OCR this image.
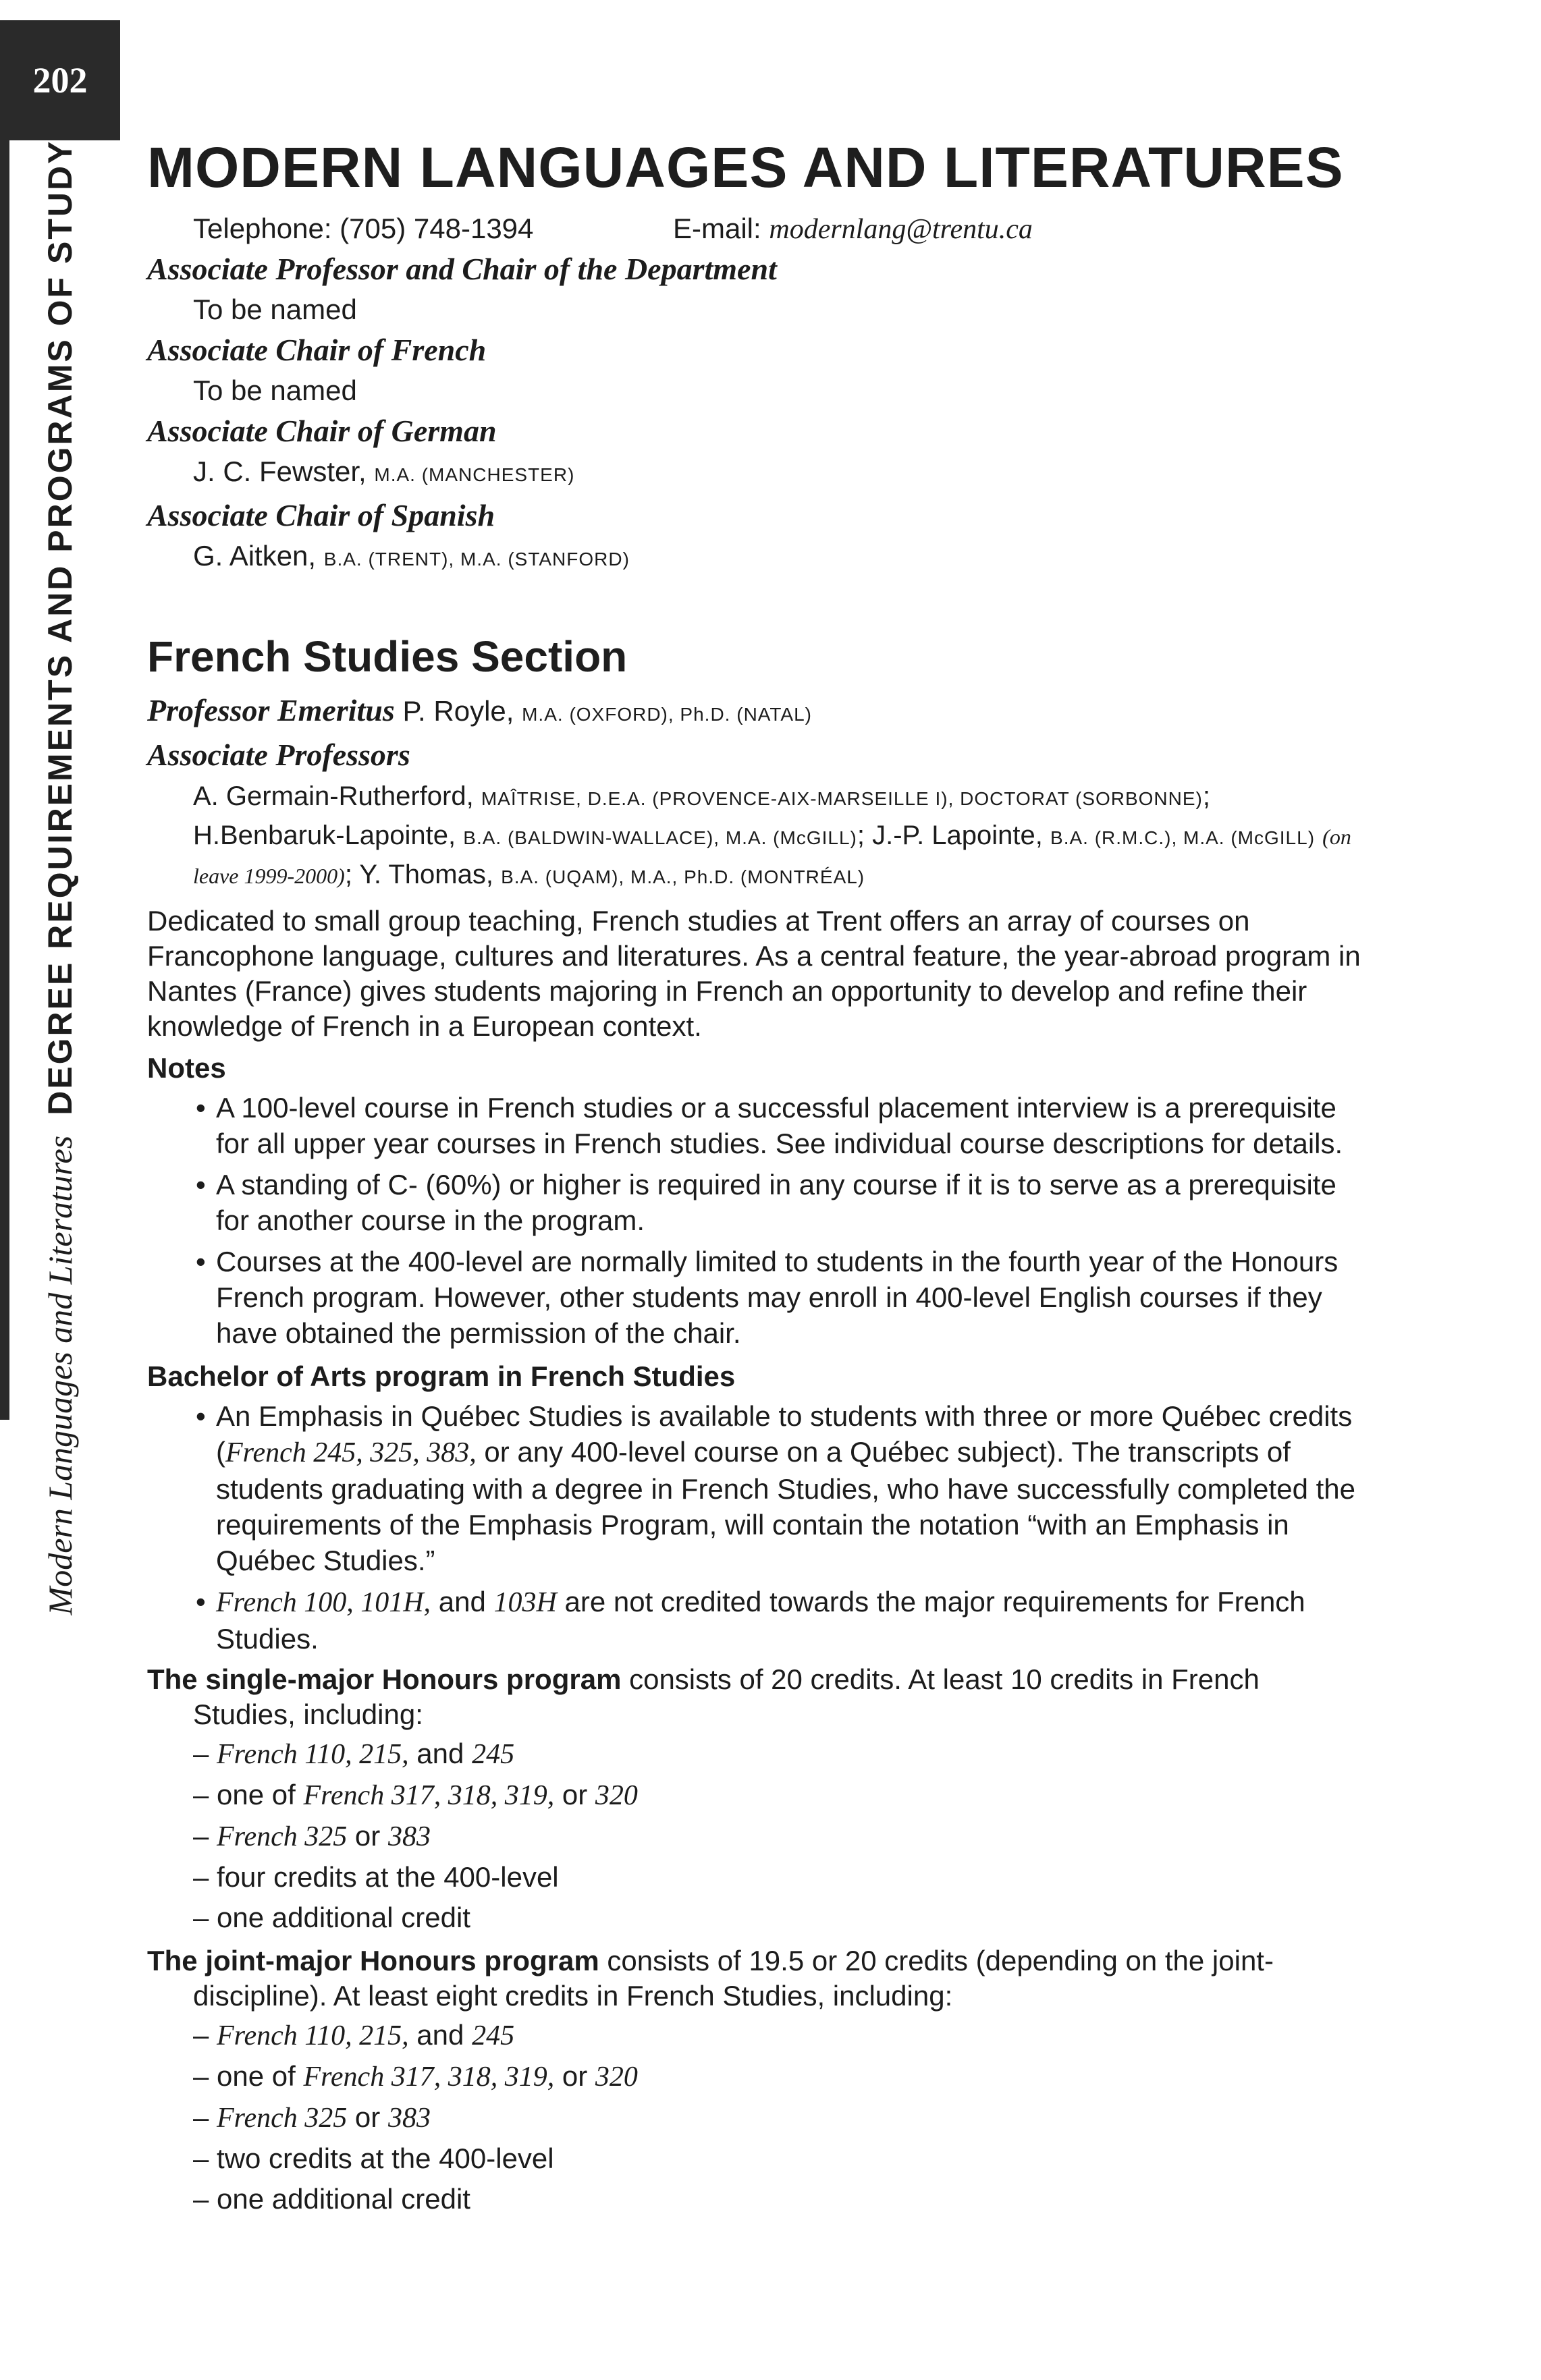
202
Modern Languages and LiteraturesDEGREE REQUIREMENTS AND PROGRAMS OF STUDY MODERN LANGUAGES AND LITERATURES
Telephone: (705) 748-1394	E-mail: modernlang@trentu.ca
Associate Professor and Chair of the Department
To be named
Associate Chair of French
To be named
Associate Chair of German
J. C. Fewster, M.A. (MANCHESTER)
Associate Chair of Spanish
G. Aitken, B.A. (TRENT), M.A. (STANFORD)
French Studies Section
Professor Emeritus P. Royle, M.A. (OXFORD), Ph.D. (NATAL)
Associate Professors
A. Germain-Rutherford, MAÎTRISE, D.E.A. (PROVENCE-AIX-MARSEILLE I), DOCTORAT (SORBONNE); H.Benbaruk-Lapointe, B.A. (BALDWIN-WALLACE), M.A. (McGILL); J.-P. Lapointe, B.A. (R.M.C.), M.A. (McGILL) (on leave 1999-2000); Y. Thomas, B.A. (UQAM), M.A., Ph.D. (MONTRÉAL)
Dedicated to small group teaching, French studies at Trent offers an array of courses on Francophone language, cultures and literatures. As a central feature, the year-abroad program in Nantes (France) gives students majoring in French an opportunity to develop and refine their knowledge of French in a European context.
Notes
• A 100-level course in French studies or a successful placement interview is a prerequisite for all upper year courses in French studies. See individual course descriptions for details.
• A standing of C- (60%) or higher is required in any course if it is to serve as a prerequisite for another course in the program.
• Courses at the 400-level are normally limited to students in the fourth year of the Honours French program. However, other students may enroll in 400-level English courses if they have obtained the permission of the chair.
Bachelor of Arts program in French Studies
• An Emphasis in Québec Studies is available to students with three or more Québec credits (French 245, 325, 383, or any 400-level course on a Québec subject). The transcripts of students graduating with a degree in French Studies, who have successfully completed the requirements of the Emphasis Program, will contain the notation “with an Emphasis in Québec Studies.”
• French 100, 101H, and 103H are not credited towards the major requirements for French Studies.
The single-major Honours program consists of 20 credits. At least 10 credits in French Studies, including:
– French 110, 215, and 245
– one of French 317, 318, 319, or 320
– French 325 or 383
– four credits at the 400-level
– one additional credit
The joint-major Honours program consists of 19.5 or 20 credits (depending on the joint-discipline). At least eight credits in French Studies, including:
– French 110, 215, and 245
– one of French 317, 318, 319, or 320
– French 325 or 383
– two credits at the 400-level
– one additional credit
